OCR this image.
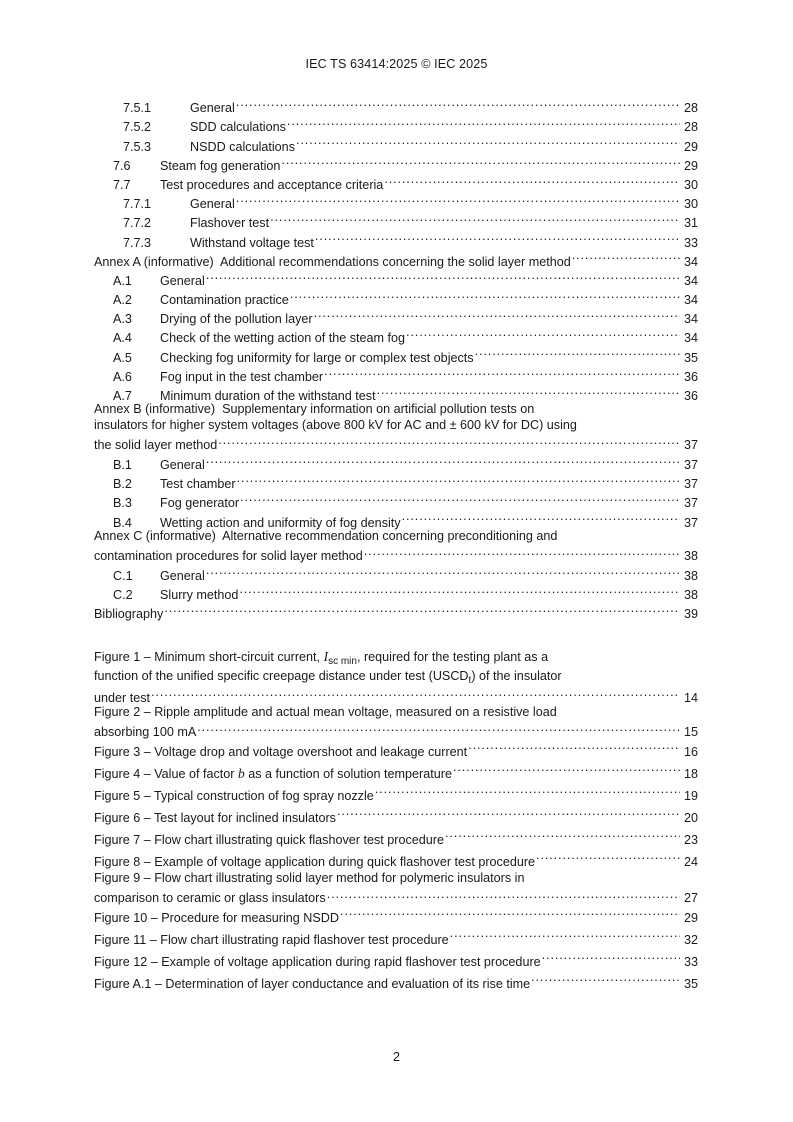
IEC TS 63414:2025 © IEC 2025
7.5.1	General .....	28
7.5.2	SDD calculations .....	28
7.5.3	NSDD calculations .....	29
7.6	Steam fog generation .....	29
7.7	Test procedures and acceptance criteria .....	30
7.7.1	General .....	30
7.7.2	Flashover test .....	31
7.7.3	Withstand voltage test .....	33
Annex A (informative)  Additional recommendations concerning the solid layer method .....	34
A.1	General .....	34
A.2	Contamination practice .....	34
A.3	Drying of the pollution layer .....	34
A.4	Check of the wetting action of the steam fog .....	34
A.5	Checking fog uniformity for large or complex test objects .....	35
A.6	Fog input in the test chamber .....	36
A.7	Minimum duration of the withstand test .....	36
Annex B (informative)  Supplementary information on artificial pollution tests on
insulators for higher system voltages (above 800 kV for AC and ± 600 kV for DC) using
the solid layer method .....	37
B.1	General .....	37
B.2	Test chamber .....	37
B.3	Fog generator .....	37
B.4	Wetting action and uniformity of fog density .....	37
Annex C (informative)  Alternative recommendation concerning preconditioning and
contamination procedures for solid layer method .....	38
C.1	General .....	38
C.2	Slurry method .....	38
Bibliography .....	39
Figure 1 – Minimum short-circuit current, $I_{sc min}$, required for the testing plant as a
function of the unified specific creepage distance under test $(USCD_t)$ of the insulator
under test .....	14
Figure 2 – Ripple amplitude and actual mean voltage, measured on a resistive load
absorbing 100 mA .....	15
Figure 3 – Voltage drop and voltage overshoot and leakage current .....	16
Figure 4 – Value of factor b as a function of solution temperature .....	18
Figure 5 – Typical construction of fog spray nozzle .....	19
Figure 6 – Test layout for inclined insulators .....	20
Figure 7 – Flow chart illustrating quick flashover test procedure .....	23
Figure 8 – Example of voltage application during quick flashover test procedure .....	24
Figure 9 – Flow chart illustrating solid layer method for polymeric insulators in
comparison to ceramic or glass insulators .....	27
Figure 10 – Procedure for measuring NSDD .....	29
Figure 11 – Flow chart illustrating rapid flashover test procedure .....	32
Figure 12 – Example of voltage application during rapid flashover test procedure .....	33
Figure A.1 – Determination of layer conductance and evaluation of its rise time .....	35
2
